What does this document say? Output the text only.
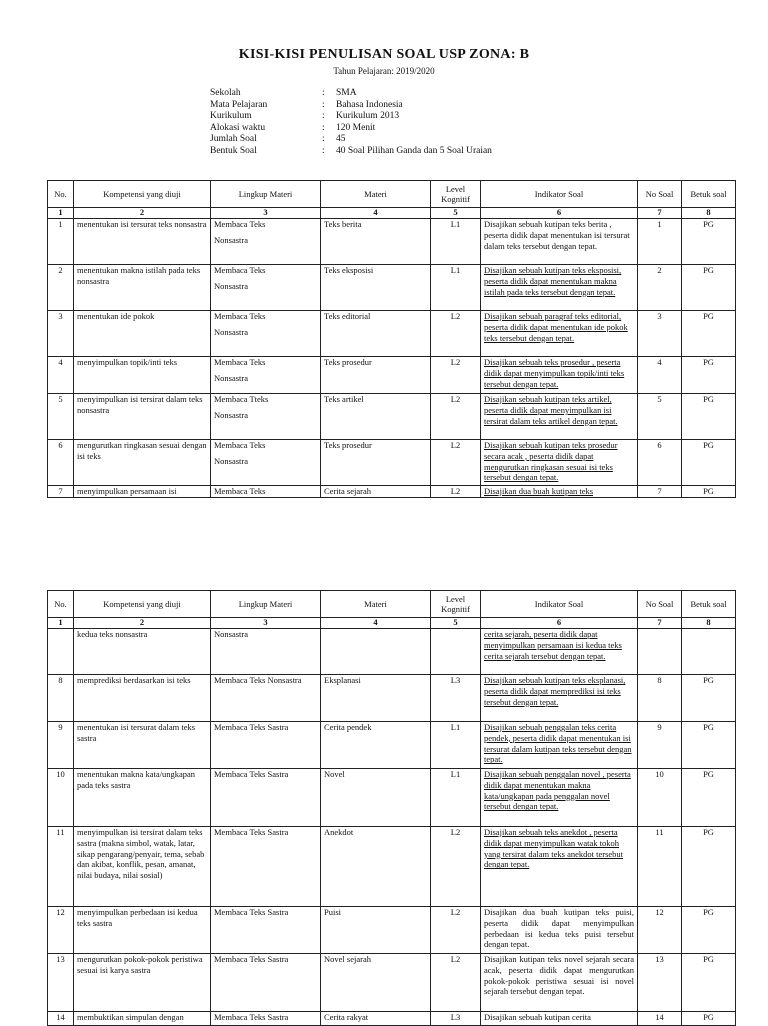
KISI-KISI PENULISAN SOAL USP ZONA: B
Tahun Pelajaran: 2019/2020
Sekolah	:	SMA
Mata Pelajaran	:	Bahasa Indonesia
Kurikulum	:	Kurikulum 2013
Alokasi waktu	:	120 Menit
Jumlah Soal	:	45
Bentuk Soal	:	40 Soal Pilihan Ganda dan 5 Soal Uraian
No.	Kompetensi yang diuji	Lingkup Materi	Materi	Level Kognitif	Indikator Soal	No Soal	Betuk soal
1	2	3	4	5	6	7	8
1	menentukan isi tersurat teks nonsastra	Membaca Teks
Nonsastra	Teks berita	L1	Disajikan sebuah kutipan teks berita , peserta didik dapat menentukan isi tersurat dalam teks tersebut dengan tepat.	1	PG
2	menentukan makna istilah pada teks nonsastra	Membaca Teks
Nonsastra	Teks eksposisi	L1	Disajikan sebuah kutipan teks eksposisi, peserta didik dapat menentukan makna istilah pada teks tersebut dengan tepat.	2	PG
3	menentukan ide pokok	Membaca Teks
Nonsastra	Teks editorial	L2	Disajikan sebuah paragraf teks editorial, peserta didik dapat menentukan ide pokok teks tersebut dengan tepat.	3	PG
4	menyimpulkan topik/inti teks	Membaca Teks
Nonsastra	Teks prosedur	L2	Disajikan sebuah teks prosedur , peserta didik dapat menyimpulkan topik/inti teks tersebut dengan tepat.	4	PG
5	menyimpulkan isi tersirat dalam teks nonsastra	Membaca Tteks
Nonsastra	Teks artikel	L2	Disajikan sebuah kutipan teks artikel, peserta didik dapat menyimpulkan isi tersirat dalam teks artikel dengan tepat.	5	PG
6	mengurutkan ringkasan sesuai dengan isi teks	Membaca Teks
Nonsastra	Teks prosedur	L2	Disajikan sebuah kutipan teks prosedur secara acak , peserta didik dapat mengurutkan ringkasan sesuai isi teks tersebut dengan tepat.	6	PG
7	menyimpulkan persamaan isi	Membaca Teks	Cerita sejarah	L2	Disajikan dua buah kutipan teks	7	PG
No.	Kompetensi yang diuji	Lingkup Materi	Materi	Level Kognitif	Indikator Soal	No Soal	Betuk soal
1	2	3	4	5	6	7	8
	kedua teks nonsastra	Nonsastra			cerita sejarah, peserta didik dapat menyimpulkan persamaan isi kedua teks cerita sejarah tersebut dengan tepat.		
8	memprediksi berdasarkan isi teks	Membaca Teks Nonsastra	Eksplanasi	L3	Disajikan sebuah kutipan teks eksplanasi, peserta didik dapat memprediksi isi teks tersebut dengan tepat.	8	PG
9	menentukan isi tersurat dalam teks sastra	Membaca Teks Sastra	Cerita pendek	L1	Disajikan sebuah penggalan teks cerita pendek, peserta didik dapat menentukan isi tersurat dalam kutipan teks tersebut dengan tepat.	9	PG
10	menentukan makna kata/ungkapan pada teks sastra	Membaca Teks Sastra	Novel	L1	Disajikan sebuah penggalan novel , peserta didik dapat menentukan makna kata/ungkapan pada penggalan novel tersebut dengan tepat.	10	PG
11	menyimpulkan isi tersirat dalam teks sastra (makna simbol, watak, latar, sikap pengarang/penyair, tema, sebab dan akibat, konflik, pesan, amanat, nilai budaya, nilai sosial)	Membaca Teks Sastra	Anekdot	L2	Disajikan sebuah teks anekdot , peserta didik dapat menyimpulkan watak tokoh yang tersirat dalam teks anekdot tersebut dengan tepat.	11	PG
12	menyimpulkan perbedaan isi kedua teks sastra	Membaca Teks Sastra	Puisi	L2	Disajikan dua buah kutipan teks puisi, peserta didik dapat menyimpulkan perbedaan isi kedua teks puisi tersebut dengan tepat.	12	PG
13	mengurutkan pokok-pokok peristiwa sesuai isi karya sastra	Membaca Teks Sastra	Novel sejarah	L2	Disajikan kutipan teks novel sejarah secara acak, peserta didik dapat mengurutkan pokok-pokok peristiwa sesuai isi novel sejarah tersebut dengan tepat.	13	PG
14	membuktikan simpulan dengan	Membaca Teks Sastra	Cerita rakyat	L3	Disajikan sebuah kutipan cerita	14	PG
